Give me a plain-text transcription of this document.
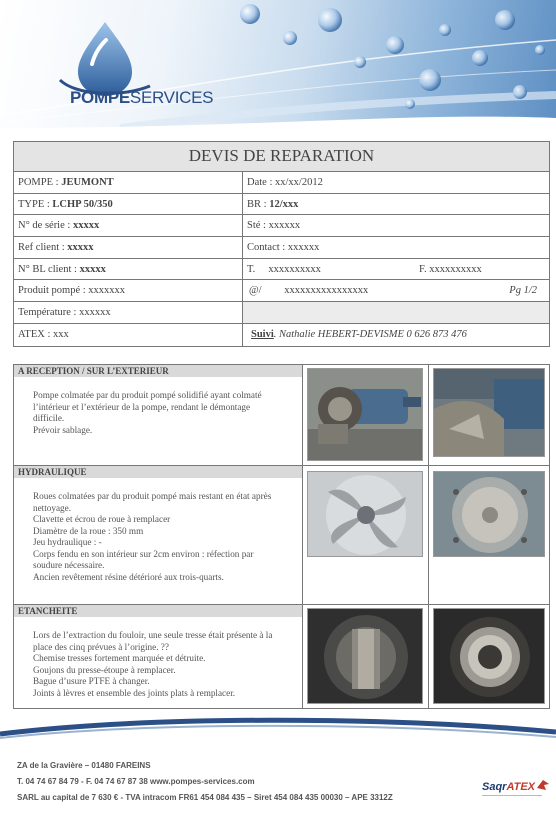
POMPESERVICES
DEVIS DE REPARATION
POMPE : JEUMONT	Date : xx/xx/2012
TYPE : LCHP 50/350	BR : 12/xxx
N° de série : xxxxx	Sté : xxxxxx
Ref client : xxxxx	Contact : xxxxxx
N° BL client : xxxxx	T.     xxxxxxxxxx	F. xxxxxxxxxx
Produit pompé : xxxxxxx	@/ xxxxxxxxxxxxxxxx	Pg 1/2
Température : xxxxxx
ATEX : xxx	Suivi. Nathalie HEBERT-DEVISME 0 626 873 476
A RECEPTION / SUR L’EXTERIEUR
Pompe colmatée par du produit pompé solidifié ayant colmaté
l’intérieur et l’extérieur de la pompe, rendant le démontage
difficile.
Prévoir sablage.
HYDRAULIQUE
Roues colmatées par du produit pompé mais restant en état après
nettoyage.
Clavette et écrou de roue à remplacer
Diamètre de la roue : 350 mm
Jeu hydraulique : -
Corps fendu en son intérieur sur 2cm environ : réfection par
soudure nécessaire.
Ancien revêtement résine détérioré aux trois-quarts.
ETANCHEITE
Lors de l’extraction du fouloir, une seule tresse était présente à la
place des cinq prévues à l’origine. ??
Chemise tresses fortement marquée et détruite.
Goujons du presse-étoupe à remplacer.
Bague d’usure PTFE à changer.
Joints à lèvres et ensemble des joints plats à remplacer.
ZA de la Gravière – 01480 FAREINS
T. 04 74 67 84 79 - F. 04 74 67 87 38 www.pompes-services.com
SARL au capital de 7 630 € - TVA intracom FR61 454 084 435 – Siret 454 084 435 00030 – APE 3312Z
SaqrATEX
